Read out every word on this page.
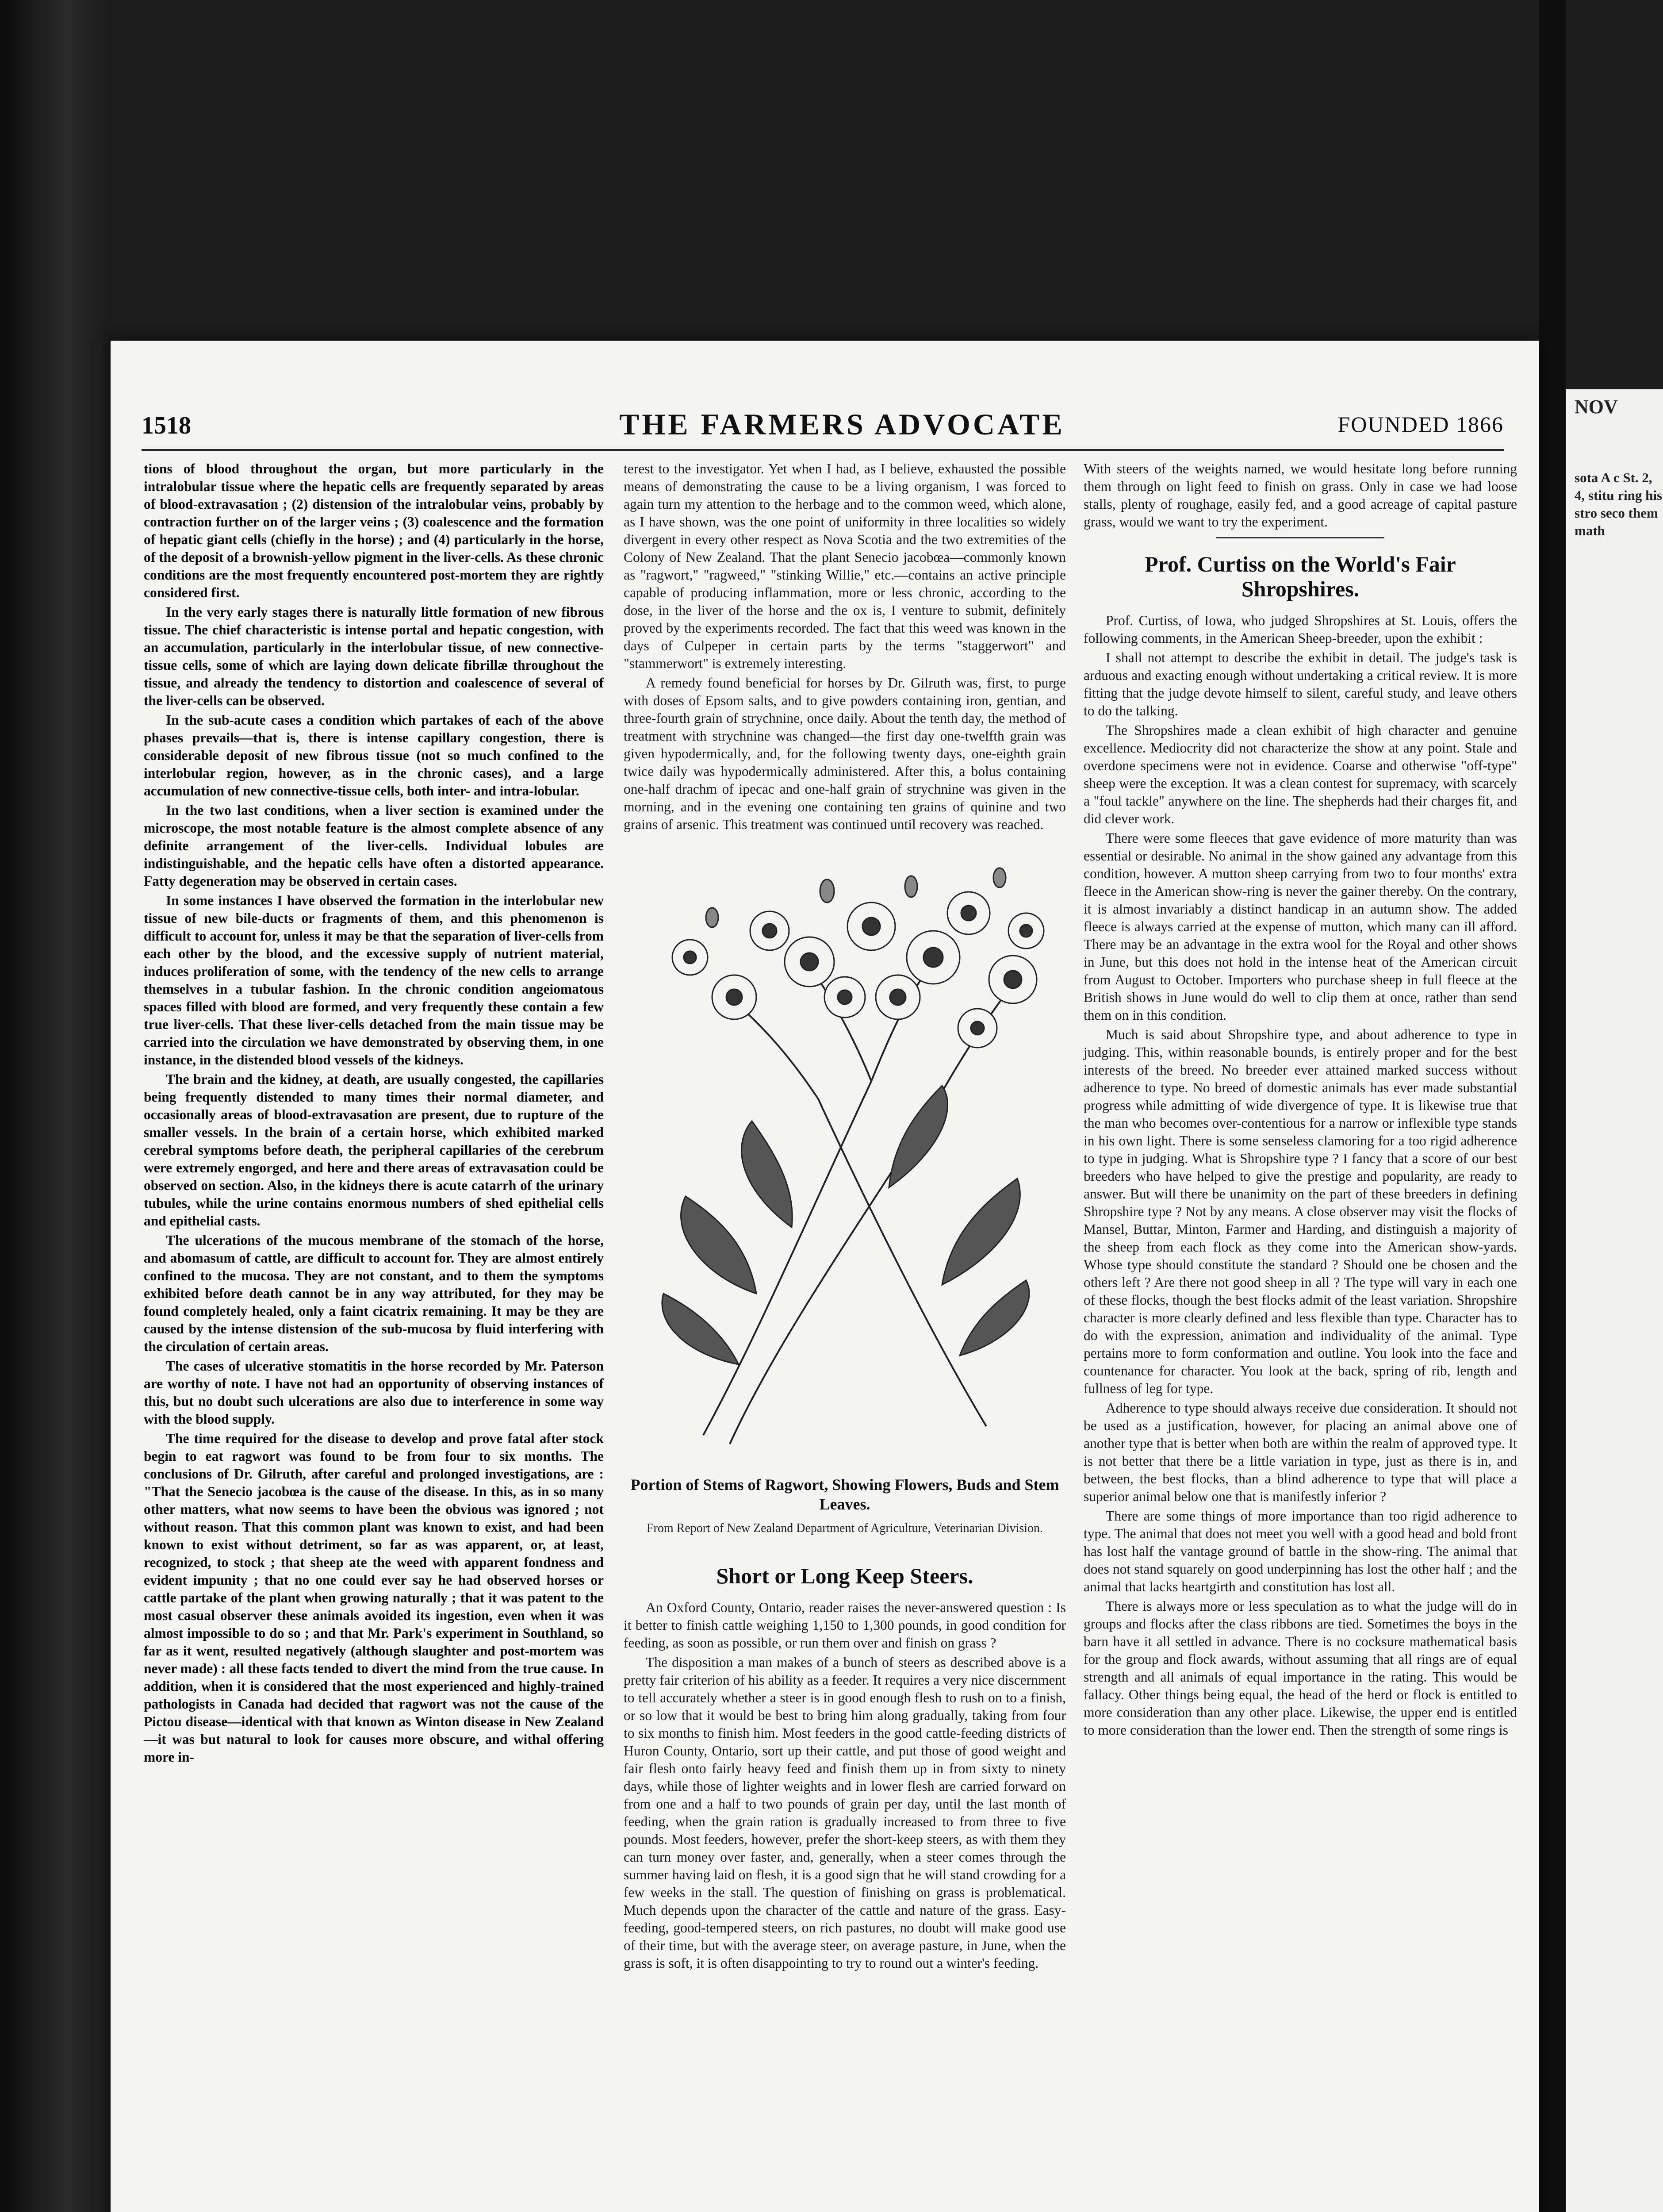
1518	THE FARMERS ADVOCATE	FOUNDED 1866

tions of blood throughout the organ, but more particularly in the intralobular tissue where the hepatic cells are frequently separated by areas of blood-extravasation ; (2) distension of the intralobular veins, probably by contraction further on of the larger veins ; (3) coalescence and the formation of hepatic giant cells (chiefly in the horse) ; and (4) particularly in the horse, of the deposit of a brownish-yellow pigment in the liver-cells. As these chronic conditions are the most frequently encountered post-mortem they are rightly considered first.

In the very early stages there is naturally little formation of new fibrous tissue. The chief characteristic is intense portal and hepatic congestion, with an accumulation, particularly in the interlobular tissue, of new connective-tissue cells, some of which are laying down delicate fibrillæ throughout the tissue, and already the tendency to distortion and coalescence of several of the liver-cells can be observed.

In the sub-acute cases a condition which partakes of each of the above phases prevails—that is, there is intense capillary congestion, there is considerable deposit of new fibrous tissue (not so much confined to the interlobular region, however, as in the chronic cases), and a large accumulation of new connective-tissue cells, both inter- and intra-lobular.

In the two last conditions, when a liver section is examined under the microscope, the most notable feature is the almost complete absence of any definite arrangement of the liver-cells. Individual lobules are indistinguishable, and the hepatic cells have often a distorted appearance. Fatty degeneration may be observed in certain cases.

In some instances I have observed the formation in the interlobular new tissue of new bile-ducts or fragments of them, and this phenomenon is difficult to account for, unless it may be that the separation of liver-cells from each other by the blood, and the excessive supply of nutrient material, induces proliferation of some, with the tendency of the new cells to arrange themselves in a tubular fashion. In the chronic condition angeiomatous spaces filled with blood are formed, and very frequently these contain a few true liver-cells. That these liver-cells detached from the main tissue may be carried into the circulation we have demonstrated by observing them, in one instance, in the distended blood vessels of the kidneys.

The brain and the kidney, at death, are usually congested, the capillaries being frequently distended to many times their normal diameter, and occasionally areas of blood-extravasation are present, due to rupture of the smaller vessels. In the brain of a certain horse, which exhibited marked cerebral symptoms before death, the peripheral capillaries of the cerebrum were extremely engorged, and here and there areas of extravasation could be observed on section. Also, in the kidneys there is acute catarrh of the urinary tubules, while the urine contains enormous numbers of shed epithelial cells and epithelial casts.

The ulcerations of the mucous membrane of the stomach of the horse, and abomasum of cattle, are difficult to account for. They are almost entirely confined to the mucosa. They are not constant, and to them the symptoms exhibited before death cannot be in any way attributed, for they may be found completely healed, only a faint cicatrix remaining. It may be they are caused by the intense distension of the sub-mucosa by fluid interfering with the circulation of certain areas.

The cases of ulcerative stomatitis in the horse recorded by Mr. Paterson are worthy of note. I have not had an opportunity of observing instances of this, but no doubt such ulcerations are also due to interference in some way with the blood supply.

The time required for the disease to develop and prove fatal after stock begin to eat ragwort was found to be from four to six months. The conclusions of Dr. Gilruth, after careful and prolonged investigations, are : "That the Senecio jacobœa is the cause of the disease. In this, as in so many other matters, what now seems to have been the obvious was ignored ; not without reason. That this common plant was known to exist, and had been known to exist without detriment, so far as was apparent, or, at least, recognized, to stock ; that sheep ate the weed with apparent fondness and evident impunity ; that no one could ever say he had observed horses or cattle partake of the plant when growing naturally ; that it was patent to the most casual observer these animals avoided its ingestion, even when it was almost impossible to do so ; and that Mr. Park's experiment in Southland, so far as it went, resulted negatively (although slaughter and post-mortem was never made) : all these facts tended to divert the mind from the true cause. In addition, when it is considered that the most experienced and highly-trained pathologists in Canada had decided that ragwort was not the cause of the Pictou disease—identical with that known as Winton disease in New Zealand—it was but natural to look for causes more obscure, and withal offering more in-

terest to the investigator. Yet when I had, as I believe, exhausted the possible means of demonstrating the cause to be a living organism, I was forced to again turn my attention to the herbage and to the common weed, which alone, as I have shown, was the one point of uniformity in three localities so widely divergent in every other respect as Nova Scotia and the two extremities of the Colony of New Zealand. That the plant Senecio jacobœa—commonly known as "ragwort," "ragweed," "stinking Willie," etc.—contains an active principle capable of producing inflammation, more or less chronic, according to the dose, in the liver of the horse and the ox is, I venture to submit, definitely proved by the experiments recorded. The fact that this weed was known in the days of Culpeper in certain parts by the terms "staggerwort" and "stammerwort" is extremely interesting.

A remedy found beneficial for horses by Dr. Gilruth was, first, to purge with doses of Epsom salts, and to give powders containing iron, gentian, and three-fourth grain of strychnine, once daily. About the tenth day, the method of treatment with strychnine was changed—the first day one-twelfth grain was given hypodermically, and, for the following twenty days, one-eighth grain twice daily was hypodermically administered. After this, a bolus containing one-half drachm of ipecac and one-half grain of strychnine was given in the morning, and in the evening one containing ten grains of quinine and two grains of arsenic. This treatment was continued until recovery was reached.

Portion of Stems of Ragwort, Showing Flowers, Buds and Stem Leaves.
From Report of New Zealand Department of Agriculture, Veterinarian Division.
Short or Long Keep Steers.

An Oxford County, Ontario, reader raises the never-answered question : Is it better to finish cattle weighing 1,150 to 1,300 pounds, in good condition for feeding, as soon as possible, or run them over and finish on grass ?

The disposition a man makes of a bunch of steers as described above is a pretty fair criterion of his ability as a feeder. It requires a very nice discernment to tell accurately whether a steer is in good enough flesh to rush on to a finish, or so low that it would be best to bring him along gradually, taking from four to six months to finish him. Most feeders in the good cattle-feeding districts of Huron County, Ontario, sort up their cattle, and put those of good weight and fair flesh onto fairly heavy feed and finish them up in from sixty to ninety days, while those of lighter weights and in lower flesh are carried forward on from one and a half to two pounds of grain per day, until the last month of feeding, when the grain ration is gradually increased to from three to five pounds. Most feeders, however, prefer the short-keep steers, as with them they can turn money over faster, and, generally, when a steer comes through the summer having laid on flesh, it is a good sign that he will stand crowding for a few weeks in the stall. The question of finishing on grass is problematical. Much depends upon the character of the cattle and nature of the grass. Easy-feeding, good-tempered steers, on rich pastures, no doubt will make good use of their time, but with the average steer, on average pasture, in June, when the grass is soft, it is often disappointing to try to round out a winter's feeding.

With steers of the weights named, we would hesitate long before running them through on light feed to finish on grass. Only in case we had loose stalls, plenty of roughage, easily fed, and a good acreage of capital pasture grass, would we want to try the experiment.

Prof. Curtiss on the World's Fair Shropshires.

Prof. Curtiss, of Iowa, who judged Shropshires at St. Louis, offers the following comments, in the American Sheep-breeder, upon the exhibit :

I shall not attempt to describe the exhibit in detail. The judge's task is arduous and exacting enough without undertaking a critical review. It is more fitting that the judge devote himself to silent, careful study, and leave others to do the talking.

The Shropshires made a clean exhibit of high character and genuine excellence. Mediocrity did not characterize the show at any point. Stale and overdone specimens were not in evidence. Coarse and otherwise "off-type" sheep were the exception. It was a clean contest for supremacy, with scarcely a "foul tackle" anywhere on the line. The shepherds had their charges fit, and did clever work.

There were some fleeces that gave evidence of more maturity than was essential or desirable. No animal in the show gained any advantage from this condition, however. A mutton sheep carrying from two to four months' extra fleece in the American show-ring is never the gainer thereby. On the contrary, it is almost invariably a distinct handicap in an autumn show. The added fleece is always carried at the expense of mutton, which many can ill afford. There may be an advantage in the extra wool for the Royal and other shows in June, but this does not hold in the intense heat of the American circuit from August to October. Importers who purchase sheep in full fleece at the British shows in June would do well to clip them at once, rather than send them on in this condition.

Much is said about Shropshire type, and about adherence to type in judging. This, within reasonable bounds, is entirely proper and for the best interests of the breed. No breeder ever attained marked success without adherence to type. No breed of domestic animals has ever made substantial progress while admitting of wide divergence of type. It is likewise true that the man who becomes over-contentious for a narrow or inflexible type stands in his own light. There is some senseless clamoring for a too rigid adherence to type in judging. What is Shropshire type ? I fancy that a score of our best breeders who have helped to give the prestige and popularity, are ready to answer. But will there be unanimity on the part of these breeders in defining Shropshire type ? Not by any means. A close observer may visit the flocks of Mansel, Buttar, Minton, Farmer and Harding, and distinguish a majority of the sheep from each flock as they come into the American show-yards. Whose type should constitute the standard ? Should one be chosen and the others left ? Are there not good sheep in all ? The type will vary in each one of these flocks, though the best flocks admit of the least variation. Shropshire character is more clearly defined and less flexible than type. Character has to do with the expression, animation and individuality of the animal. Type pertains more to form conformation and outline. You look into the face and countenance for character. You look at the back, spring of rib, length and fullness of leg for type.

Adherence to type should always receive due consideration. It should not be used as a justification, however, for placing an animal above one of another type that is better when both are within the realm of approved type. It is not better that there be a little variation in type, just as there is in, and between, the best flocks, than a blind adherence to type that will place a superior animal below one that is manifestly inferior ?

There are some things of more importance than too rigid adherence to type. The animal that does not meet you well with a good head and bold front has lost half the vantage ground of battle in the show-ring. The animal that does not stand squarely on good underpinning has lost the other half ; and the animal that lacks heartgirth and constitution has lost all.

There is always more or less speculation as to what the judge will do in groups and flocks after the class ribbons are tied. Sometimes the boys in the barn have it all settled in advance. There is no cocksure mathematical basis for the group and flock awards, without assuming that all rings are of equal strength and all animals of equal importance in the rating. This would be fallacy. Other things being equal, the head of the herd or flock is entitled to more consideration than any other place. Likewise, the upper end is entitled to more consideration than the lower end. Then the strength of some rings is

NOV
sota A c St. 2, 4, stitu ring his stro seco them math
